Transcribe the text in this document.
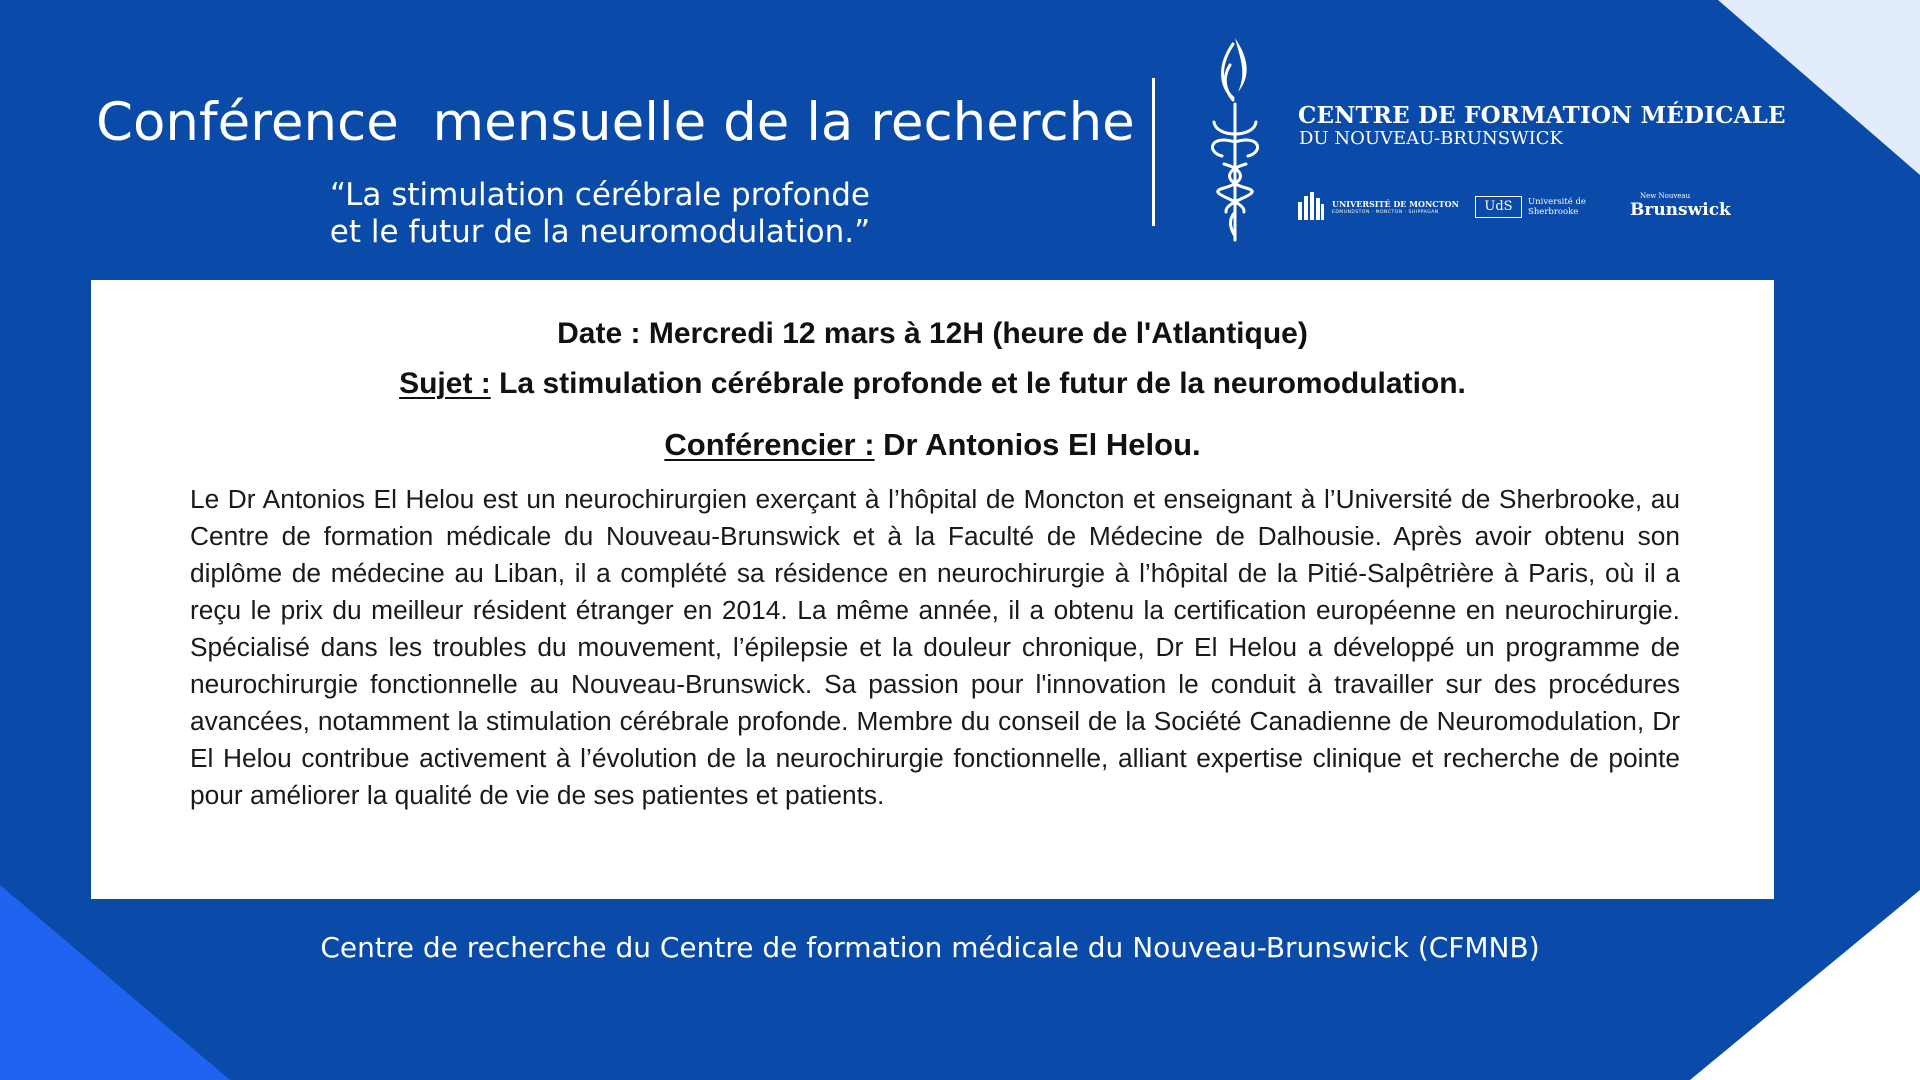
Conférence  mensuelle de la recherche
“La stimulation cérébrale profonde
et le futur de la neuromodulation.”
CENTRE DE FORMATION MÉDICALE
DU NOUVEAU-BRUNSWICK
UNIVERSITÉ DE MONCTON
EDMUNDSTON · MONCTON · SHIPPAGAN	UdS	Université de
Sherbrooke
New Nouveau
Brunswick
Date : Mercredi 12 mars à 12H (heure de l'Atlantique)
Sujet : La stimulation cérébrale profonde et le futur de la neuromodulation.
Conférencier : Dr Antonios El Helou.

Le Dr Antonios El Helou est un neurochirurgien exerçant à l’hôpital de Moncton et enseignant à l’Université de Sherbrooke, au Centre de formation médicale du Nouveau-Brunswick et à la Faculté de Médecine de Dalhousie. Après avoir obtenu son diplôme de médecine au Liban, il a complété sa résidence en neurochirurgie à l’hôpital de la Pitié-Salpêtrière à Paris, où il a reçu le prix du meilleur résident étranger en 2014. La même année, il a obtenu la certification européenne en neurochirurgie. Spécialisé dans les troubles du mouvement, l’épilepsie et la douleur chronique, Dr El Helou a développé un programme de neurochirurgie fonctionnelle au Nouveau-Brunswick. Sa passion pour l'innovation le conduit à travailler sur des procédures avancées, notamment la stimulation cérébrale profonde. Membre du conseil de la Société Canadienne de Neuromodulation, Dr El Helou contribue activement à l’évolution de la neurochirurgie fonctionnelle, alliant expertise clinique et recherche de pointe pour améliorer la qualité de vie de ses patientes et patients.

Centre de recherche du Centre de formation médicale du Nouveau-Brunswick (CFMNB)
